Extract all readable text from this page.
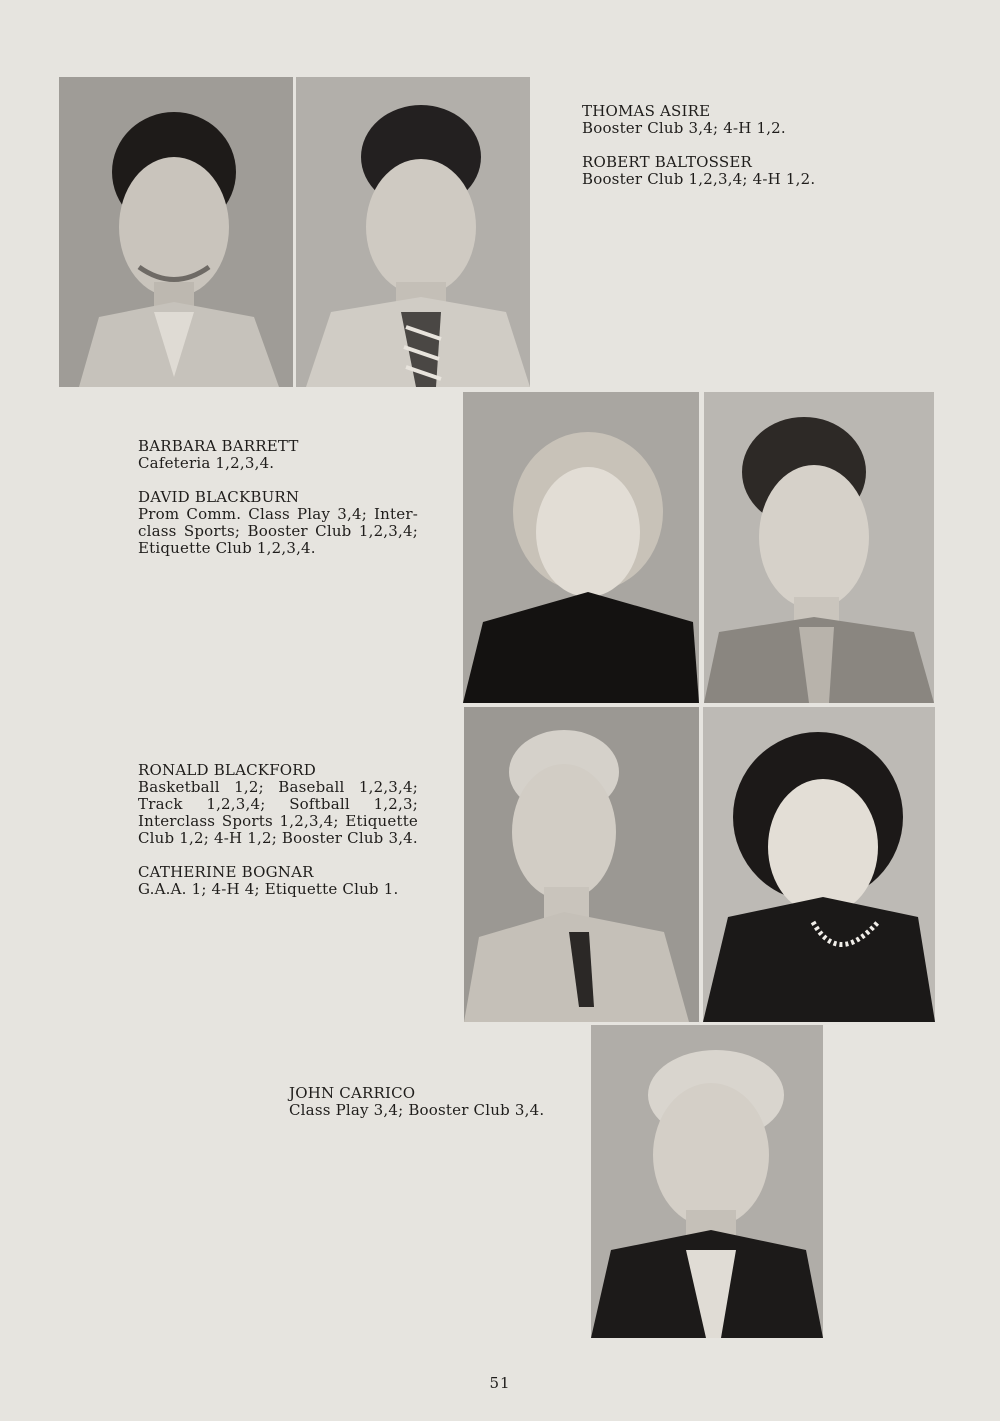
THOMAS ASIRE
Booster Club 3,4; 4-H 1,2.
ROBERT BALTOSSER
Booster Club 1,2,3,4; 4-H 1,2.
BARBARA BARRETT
Cafeteria 1,2,3,4.
DAVID BLACKBURN
Prom Comm. Class Play 3,4; Inter-class Sports; Booster Club 1,2,3,4; Etiquette Club 1,2,3,4.
RONALD BLACKFORD
Basketball 1,2; Baseball 1,2,3,4; Track 1,2,3,4; Softball 1,2,3; Interclass Sports 1,2,3,4; Etiquette Club 1,2; 4-H 1,2; Booster Club 3,4.
CATHERINE BOGNAR
G.A.A. 1; 4-H 4; Etiquette Club 1.
JOHN CARRICO
Class Play 3,4; Booster Club 3,4.
51
